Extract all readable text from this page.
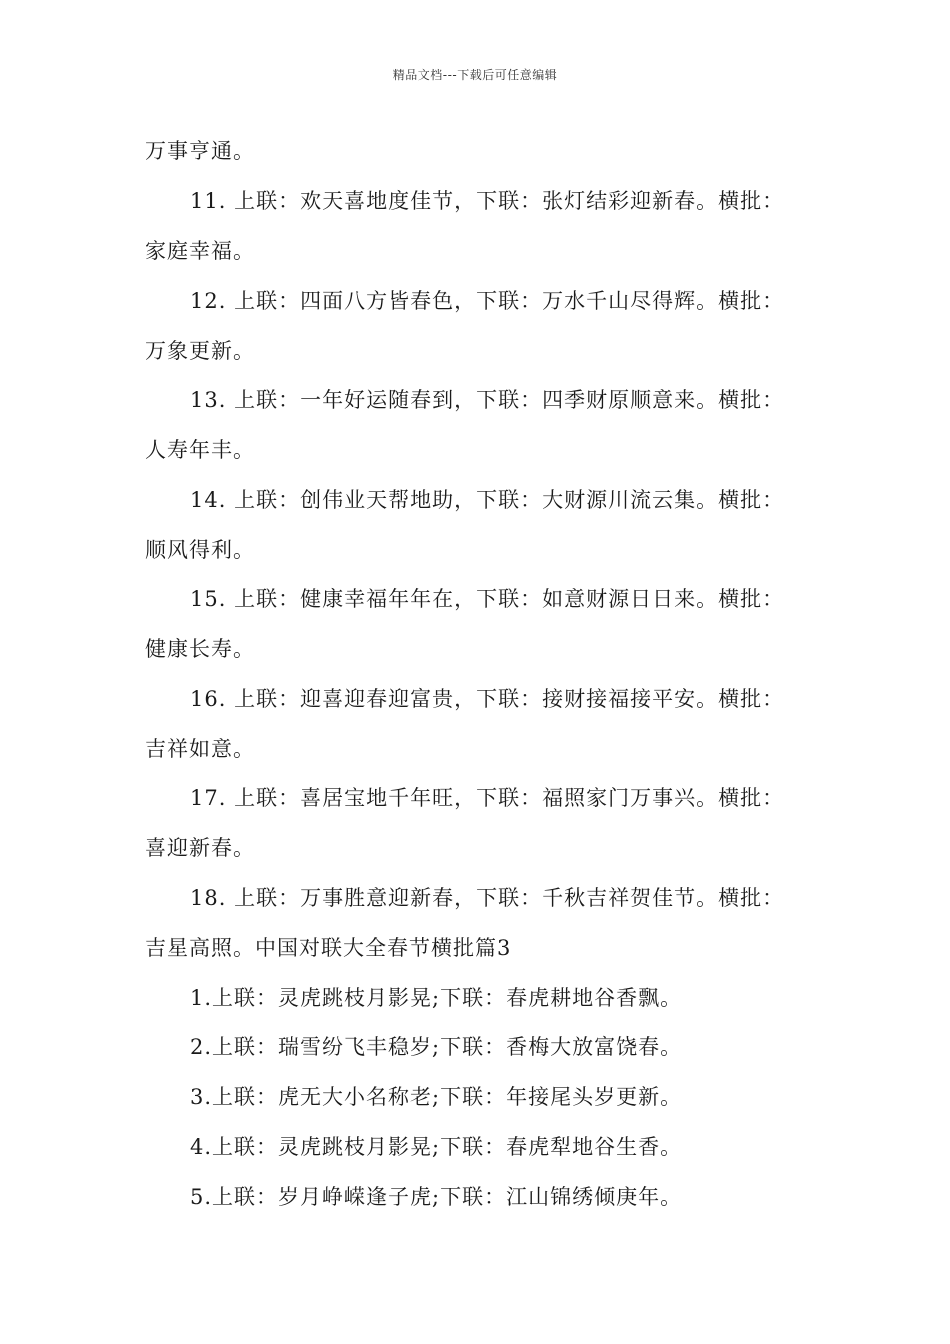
精品文档---下载后可任意编辑
万事亨通。
11. 上联：欢天喜地度佳节，下联：张灯结彩迎新春。横批：
家庭幸福。
12. 上联：四面八方皆春色，下联：万水千山尽得辉。横批：
万象更新。
13. 上联：一年好运随春到，下联：四季财原顺意来。横批：
人寿年丰。
14. 上联：创伟业天帮地助，下联：大财源川流云集。横批：
顺风得利。
15. 上联：健康幸福年年在，下联：如意财源日日来。横批：
健康长寿。
16. 上联：迎喜迎春迎富贵，下联：接财接福接平安。横批：
吉祥如意。
17. 上联：喜居宝地千年旺，下联：福照家门万事兴。横批：
喜迎新春。
18. 上联：万事胜意迎新春，下联：千秋吉祥贺佳节。横批：
吉星高照。中国对联大全春节横批篇3
1.上联：灵虎跳枝月影晃;下联：春虎耕地谷香飘。
2.上联：瑞雪纷飞丰稳岁;下联：香梅大放富饶春。
3.上联：虎无大小名称老;下联：年接尾头岁更新。
4.上联：灵虎跳枝月影晃;下联：春虎犁地谷生香。
5.上联：岁月峥嵘逢子虎;下联：江山锦绣倾庚年。
